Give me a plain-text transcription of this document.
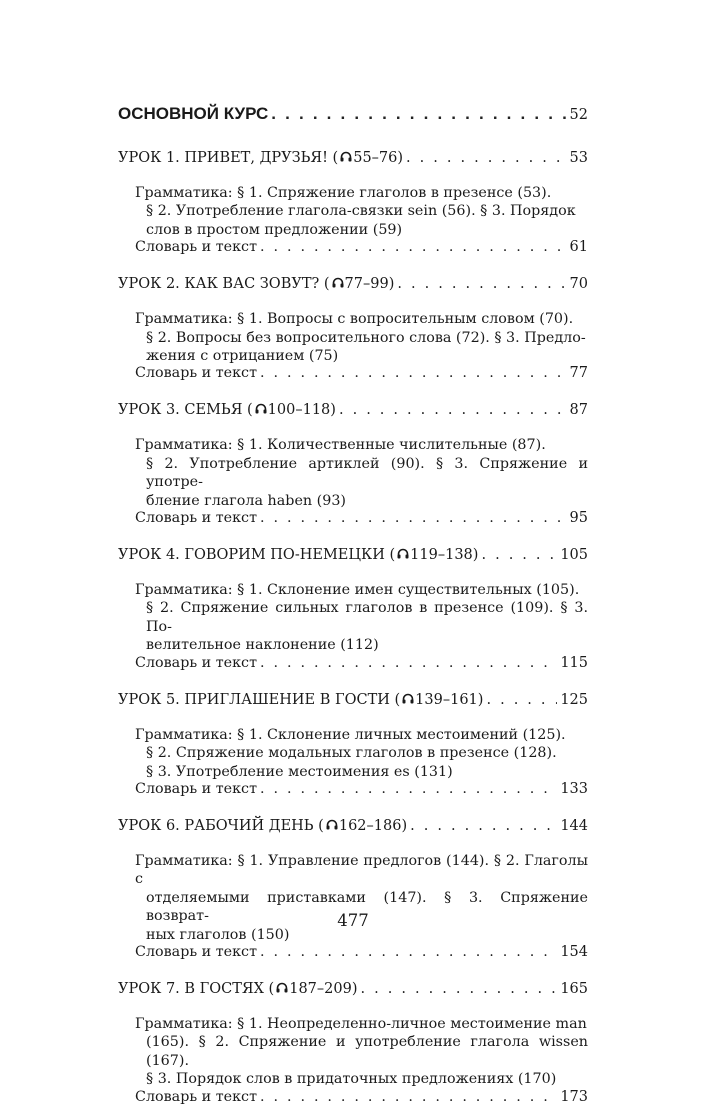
ОСНОВНОЙ КУРС . . .	52
УРОК 1. ПРИВЕТ, ДРУЗЬЯ! ( 55–76 ) . . .	53
Грамматика: § 1. Спряжение глаголов в презенсе (53).

§ 2. Употребление глагола-связки sein (56). § 3. Порядок
слов в простом предложении (59)
Словарь и текст . . .	61
УРОК 2. КАК ВАС ЗОВУТ? ( 77–99 ) . . .	70
Грамматика: § 1. Вопросы с вопросительным словом (70).

§ 2. Вопросы без вопросительного слова (72). § 3. Предло-
жения с отрицанием (75)
Словарь и текст . . .	77
УРОК 3. СЕМЬЯ ( 100–118 ) . . .	87
Грамматика: § 1. Количественные числительные (87).

§ 2. Употребление артиклей (90). § 3. Спряжение и употре-
бление глагола haben (93)
Словарь и текст . . .	95
УРОК 4. ГОВОРИМ ПО-НЕМЕЦКИ ( 119–138 ) . . .	105
Грамматика: § 1. Склонение имен существительных (105).

§ 2. Спряжение сильных глаголов в презенсе (109). § 3. По-
велительное наклонение (112)
Словарь и текст . . .	115
УРОК 5. ПРИГЛАШЕНИЕ В ГОСТИ ( 139–161 ) . . .	125
Грамматика: § 1. Склонение личных местоимений (125).

§ 2. Спряжение модальных глаголов в презенсе (128).
§ 3. Употребление местоимения es (131)
Словарь и текст . . .	133
УРОК 6. РАБОЧИЙ ДЕНЬ ( 162–186 ) . . .	144
Грамматика: § 1. Управление предлогов (144). § 2. Глаголы с

отделяемыми приставками (147). § 3. Спряжение возврат-
ных глаголов (150)
Словарь и текст . . .	154
УРОК 7. В ГОСТЯХ ( 187–209 ) . . .	165
Грамматика: § 1. Неопределенно-личное местоимение man

(165). § 2. Спряжение и употребление глагола wissen (167).
§ 3. Порядок слов в придаточных предложениях (170)
Словарь и текст . . .	173
477
